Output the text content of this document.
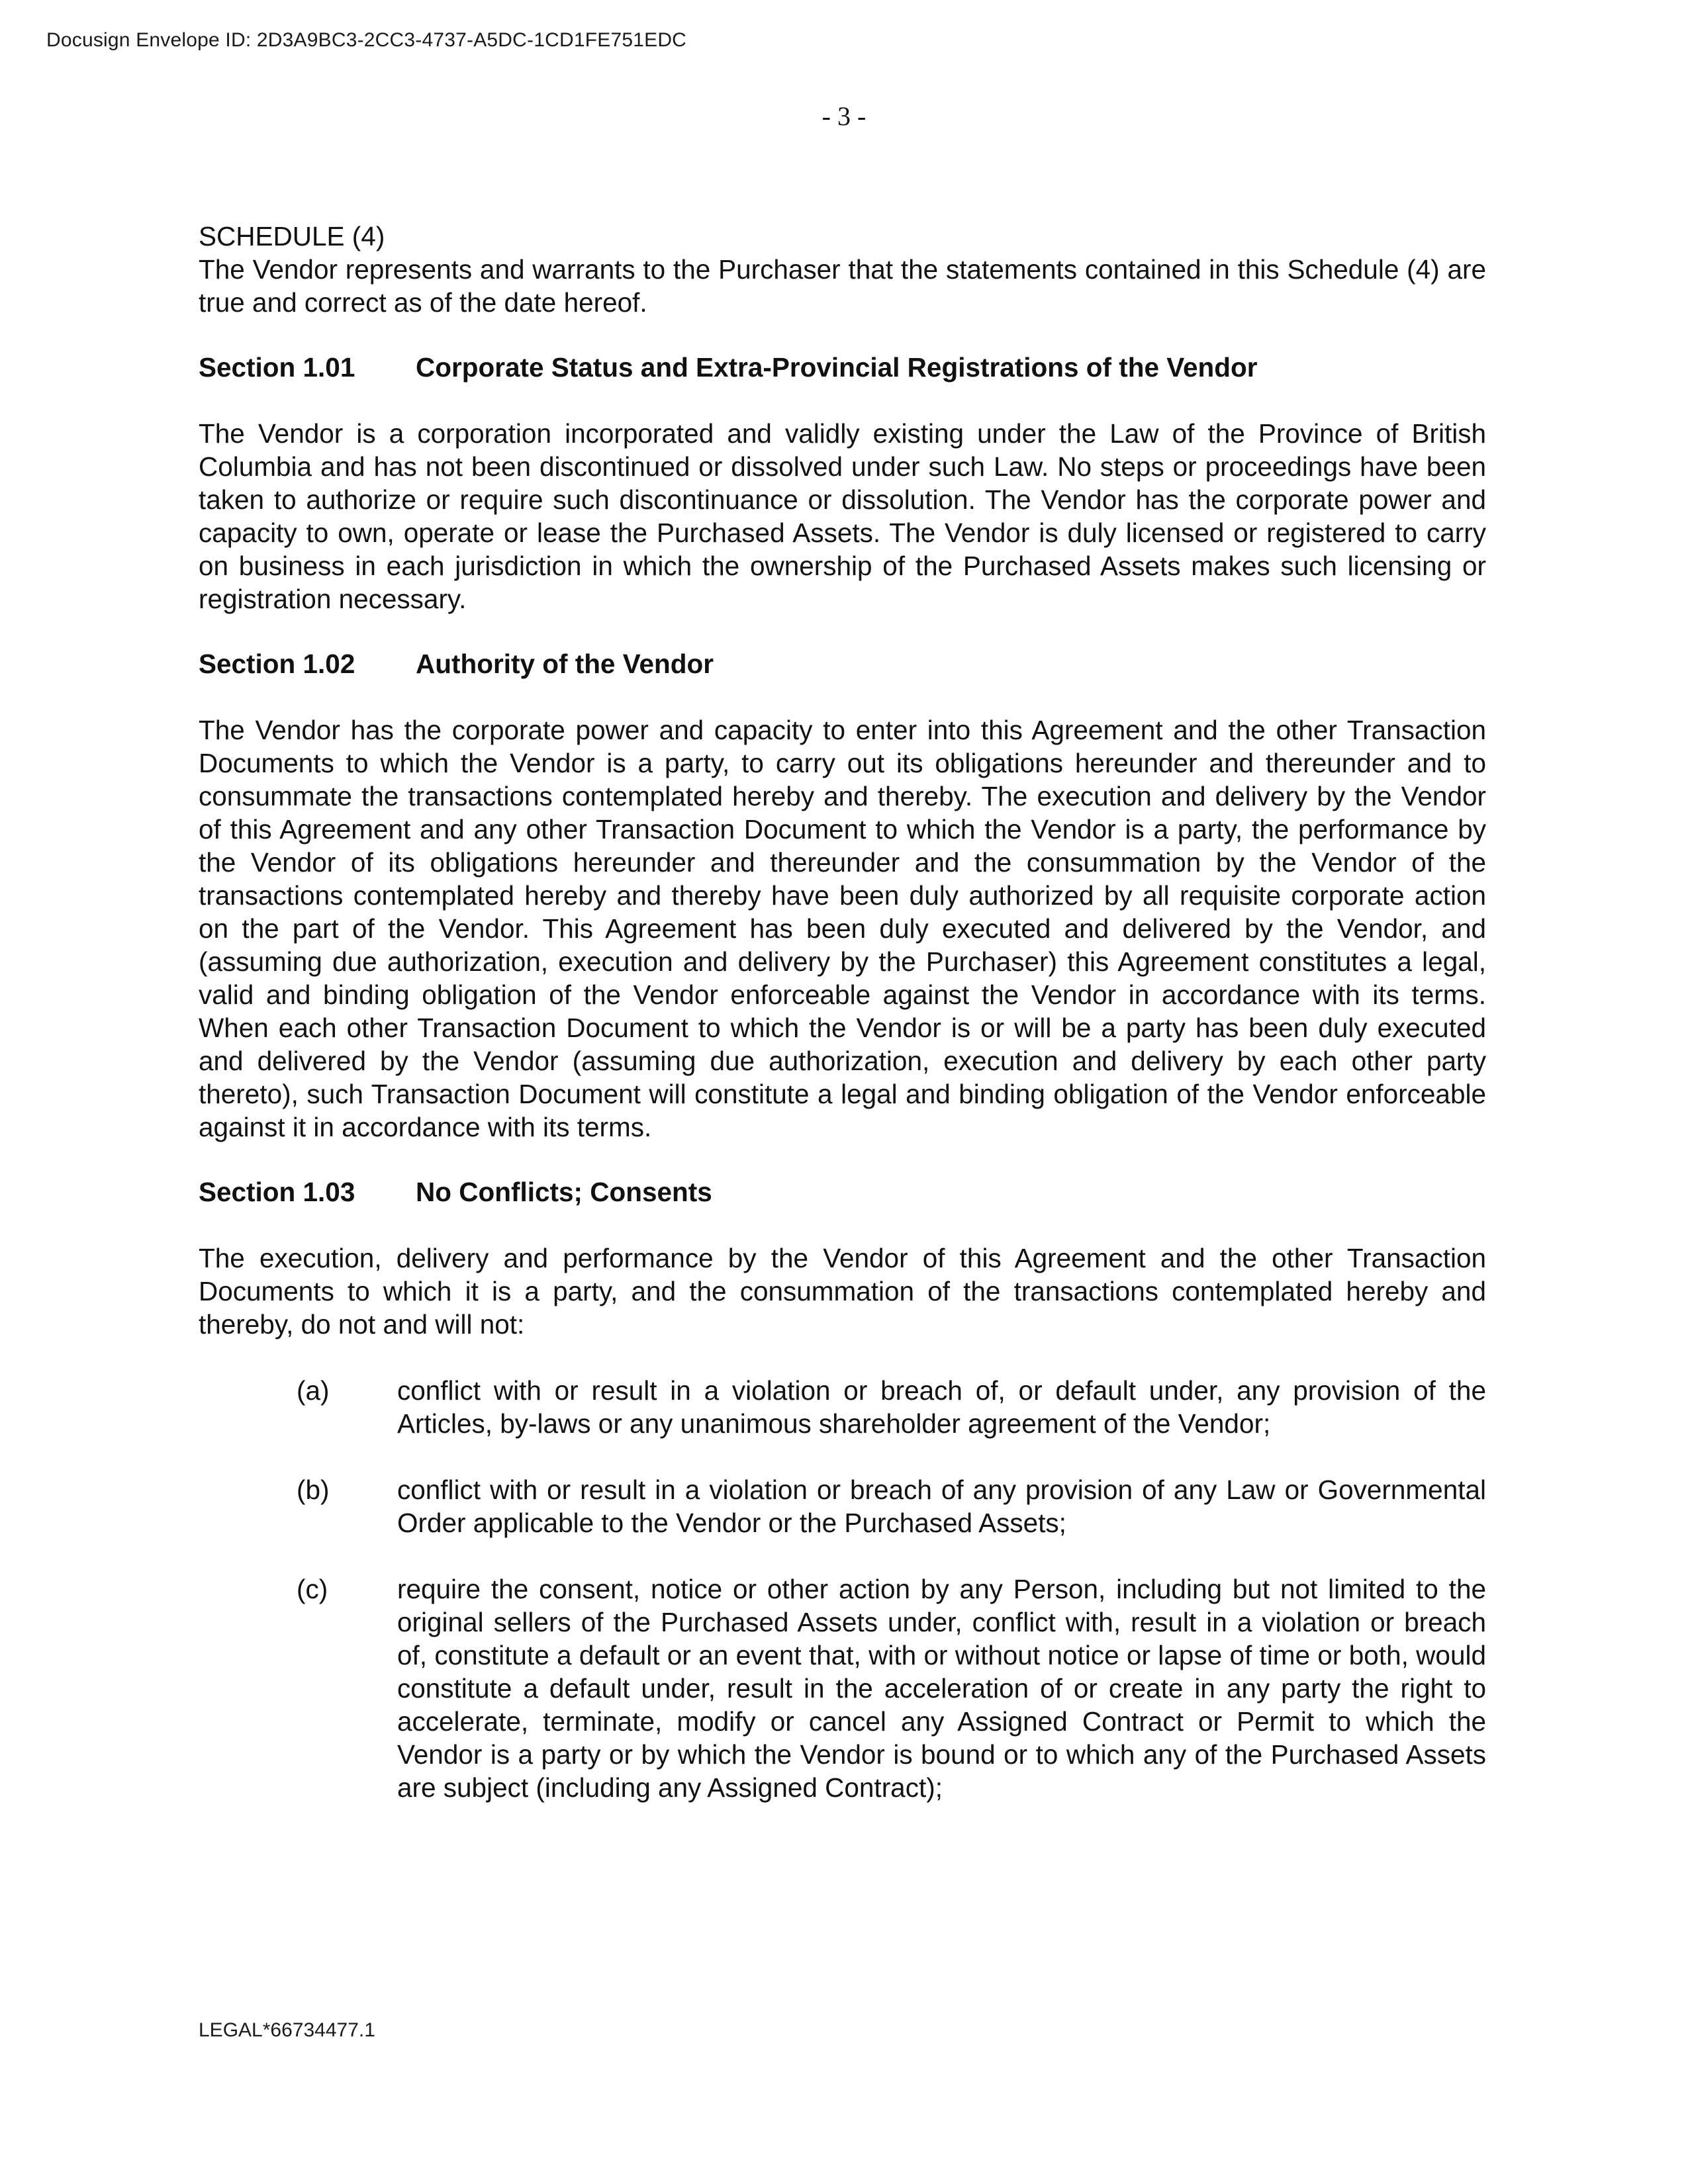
Docusign Envelope ID: 2D3A9BC3-2CC3-4737-A5DC-1CD1FE751EDC
- 3 -

SCHEDULE (4)

The Vendor represents and warrants to the Purchaser that the statements contained in this Schedule (4) are true and correct as of the date hereof.

Section 1.01	Corporate Status and Extra-Provincial Registrations of the Vendor

The Vendor is a corporation incorporated and validly existing under the Law of the Province of British Columbia and has not been discontinued or dissolved under such Law. No steps or proceedings have been taken to authorize or require such discontinuance or dissolution. The Vendor has the corporate power and capacity to own, operate or lease the Purchased Assets. The Vendor is duly licensed or registered to carry on business in each jurisdiction in which the ownership of the Purchased Assets makes such licensing or registration necessary.

Section 1.02	Authority of the Vendor

The Vendor has the corporate power and capacity to enter into this Agreement and the other Transaction Documents to which the Vendor is a party, to carry out its obligations hereunder and thereunder and to consummate the transactions contemplated hereby and thereby. The execution and delivery by the Vendor of this Agreement and any other Transaction Document to which the Vendor is a party, the performance by the Vendor of its obligations hereunder and thereunder and the consummation by the Vendor of the transactions contemplated hereby and thereby have been duly authorized by all requisite corporate action on the part of the Vendor. This Agreement has been duly executed and delivered by the Vendor, and (assuming due authorization, execution and delivery by the Purchaser) this Agreement constitutes a legal, valid and binding obligation of the Vendor enforceable against the Vendor in accordance with its terms. When each other Transaction Document to which the Vendor is or will be a party has been duly executed and delivered by the Vendor (assuming due authorization, execution and delivery by each other party thereto), such Transaction Document will constitute a legal and binding obligation of the Vendor enforceable against it in accordance with its terms.

Section 1.03	No Conflicts; Consents

The execution, delivery and performance by the Vendor of this Agreement and the other Transaction Documents to which it is a party, and the consummation of the transactions contemplated hereby and thereby, do not and will not:

(a)	conflict with or result in a violation or breach of, or default under, any provision of the Articles, by-laws or any unanimous shareholder agreement of the Vendor;
(b)	conflict with or result in a violation or breach of any provision of any Law or Governmental Order applicable to the Vendor or the Purchased Assets;
(c)	require the consent, notice or other action by any Person, including but not limited to the original sellers of the Purchased Assets under, conflict with, result in a violation or breach of, constitute a default or an event that, with or without notice or lapse of time or both, would constitute a default under, result in the acceleration of or create in any party the right to accelerate, terminate, modify or cancel any Assigned Contract or Permit to which the Vendor is a party or by which the Vendor is bound or to which any of the Purchased Assets are subject (including any Assigned Contract);
LEGAL*66734477.1
